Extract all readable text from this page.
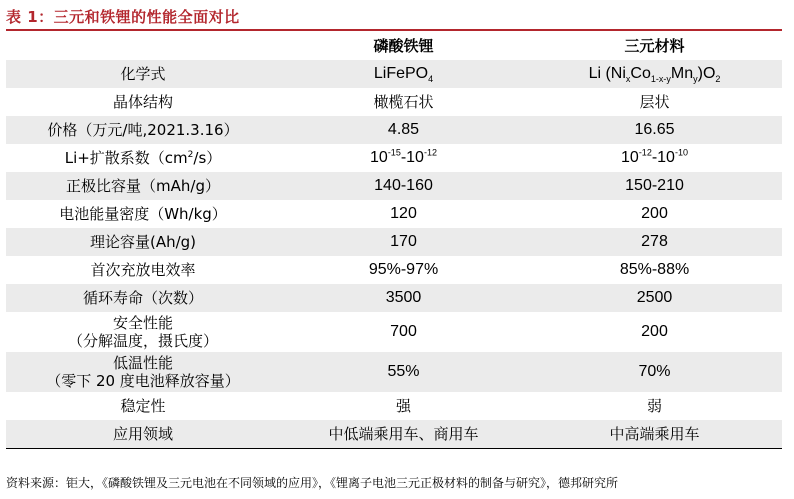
表 1：三元和铁锂的性能全面对比
	磷酸铁锂	三元材料
化学式	LiFePO$_4$	Li $(Ni_xCo_{1-x-y}Mn_y)O_2$
晶体结构	橄榄石状	层状
价格（万元/吨,2021.3.16）	4.85	16.65
Li+扩散系数$(cm^2/s)$	$10^{-15}-10^{-12}$	$10^{-12}-10^{-10}$
正极比容量（mAh/g）	140-160	150-210
电池能量密度（Wh/kg）	120	200
理论容量(Ah/g)	170	278
首次充放电效率	95%-97%	85%-88%
循环寿命（次数）	3500	2500

安全性能
（分解温度，摄氏度）	700	200

低温性能
（零下 20 度电池释放容量）	55%	70%
稳定性	强	弱
应用领域	中低端乘用车、商用车	中高端乘用车
资料来源：钜大，《磷酸铁锂及三元电池在不同领域的应用》，《锂离子电池三元正极材料的制备与研究》，德邦研究所
